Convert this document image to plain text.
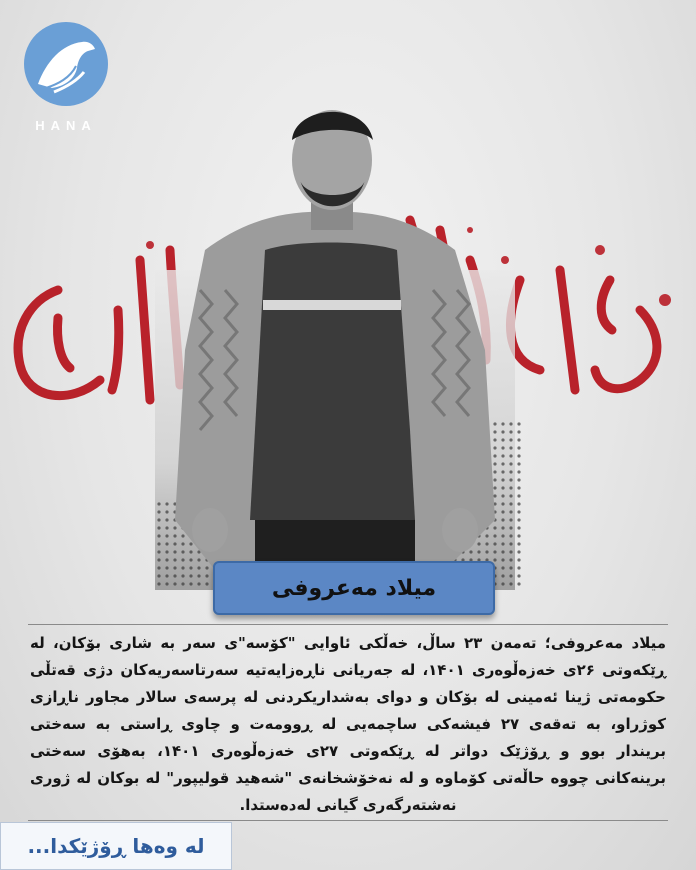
HANA
میلاد مەعروفی
میلاد مەعروفی؛ تەمەن ٢٣ ساڵ، خەڵکی ئاوایی "کۆسە"ی سەر بە شاری بۆکان، لە ڕێکەوتی ٢۶ی خەزەڵوەری ١۴٠١، لە جەریانی ناڕەزایەتیە سەرتاسەریەکان دژی قەتڵی حکومەتی ژینا ئەمینی لە بۆکان و دوای بەشداریکردنی لە پرسەی سالار مجاور ناڕازی کوژراو، بە تەقەی ٢٧ فیشەکی ساچمەیی لە ڕوومەت و چاوی ڕاستی بە سەختی بریندار بوو و ڕۆژێک دواتر لە ڕێکەوتی ٢٧ی خەزەڵوەری ١۴٠١، بەهۆی سەختی برینەکانی چووە حاڵەتی کۆماوە و لە نەخۆشخانەی "شەهید قولیپور" لە بوکان لە ژوری نەشتەرگەری گیانی لەدەستدا.
لە وەها ڕۆژێکدا...
